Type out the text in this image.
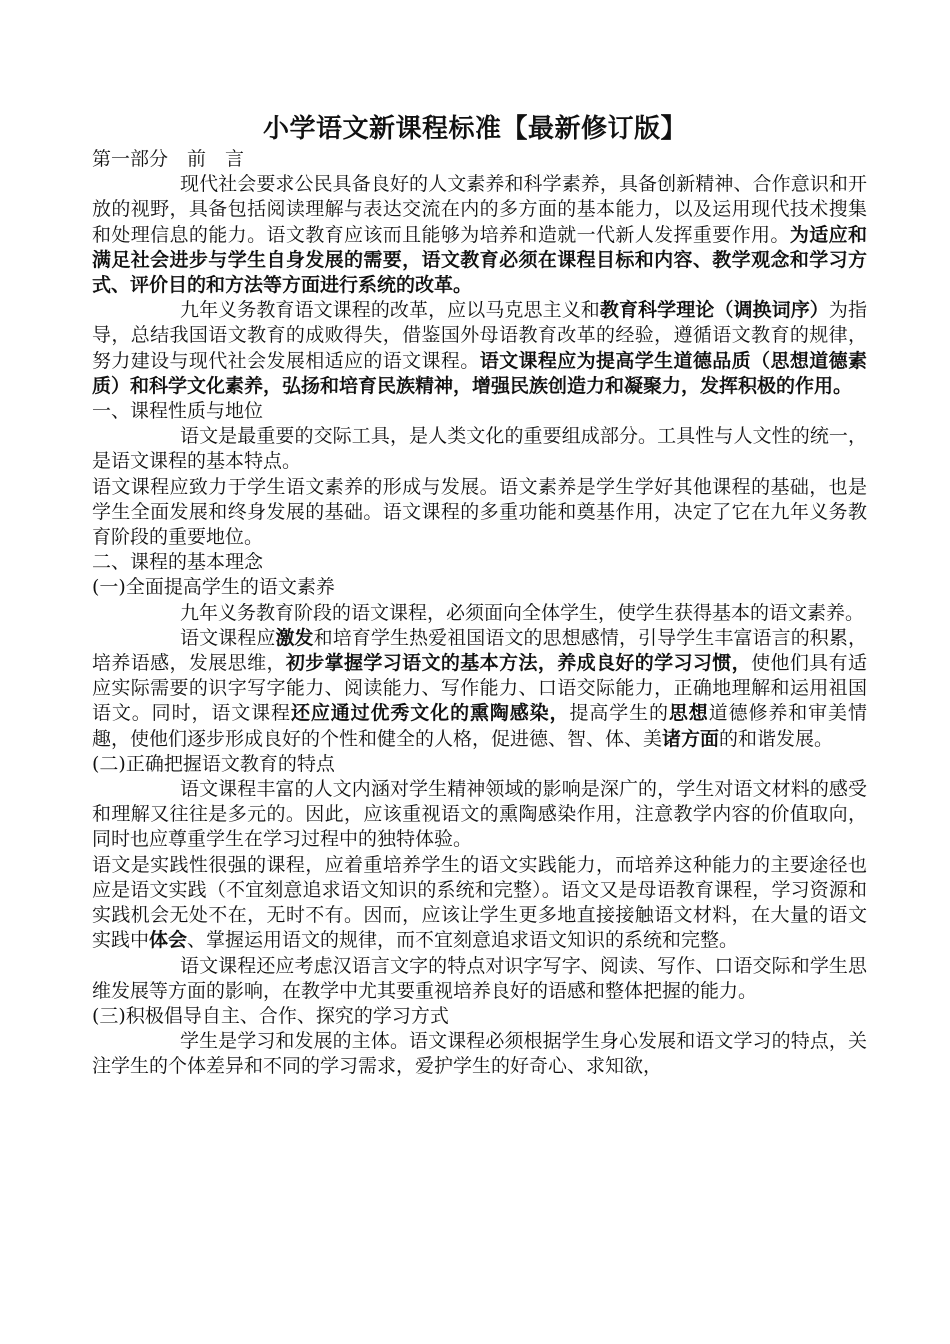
小学语文新课程标准【最新修订版】

第一部分　前　言

现代社会要求公民具备良好的人文素养和科学素养，具备创新精神、合作意识和开放的视野，具备包括阅读理解与表达交流在内的多方面的基本能力，以及运用现代技术搜集和处理信息的能力。语文教育应该而且能够为培养和造就一代新人发挥重要作用。为适应和满足社会进步与学生自身发展的需要，语文教育必须在课程目标和内容、教学观念和学习方式、评价目的和方法等方面进行系统的改革。

九年义务教育语文课程的改革，应以马克思主义和教育科学理论（调换词序）为指导，总结我国语文教育的成败得失，借鉴国外母语教育改革的经验，遵循语文教育的规律，努力建设与现代社会发展相适应的语文课程。语文课程应为提高学生道德品质（思想道德素质）和科学文化素养，弘扬和培育民族精神，增强民族创造力和凝聚力，发挥积极的作用。

一、课程性质与地位

语文是最重要的交际工具，是人类文化的重要组成部分。工具性与人文性的统一，是语文课程的基本特点。

语文课程应致力于学生语文素养的形成与发展。语文素养是学生学好其他课程的基础，也是学生全面发展和终身发展的基础。语文课程的多重功能和奠基作用，决定了它在九年义务教育阶段的重要地位。

二、课程的基本理念

(一)全面提高学生的语文素养

九年义务教育阶段的语文课程，必须面向全体学生，使学生获得基本的语文素养。

语文课程应激发和培育学生热爱祖国语文的思想感情，引导学生丰富语言的积累，培养语感，发展思维，初步掌握学习语文的基本方法，养成良好的学习习惯，使他们具有适应实际需要的识字写字能力、阅读能力、写作能力、口语交际能力，正确地理解和运用祖国语文。同时，语文课程还应通过优秀文化的熏陶感染，提高学生的思想道德修养和审美情趣，使他们逐步形成良好的个性和健全的人格，促进德、智、体、美诸方面的和谐发展。

(二)正确把握语文教育的特点

语文课程丰富的人文内涵对学生精神领域的影响是深广的，学生对语文材料的感受和理解又往往是多元的。因此，应该重视语文的熏陶感染作用，注意教学内容的价值取向，同时也应尊重学生在学习过程中的独特体验。

语文是实践性很强的课程，应着重培养学生的语文实践能力，而培养这种能力的主要途径也应是语文实践（不宜刻意追求语文知识的系统和完整）。语文又是母语教育课程，学习资源和实践机会无处不在，无时不有。因而，应该让学生更多地直接接触语文材料，在大量的语文实践中体会、掌握运用语文的规律，而不宜刻意追求语文知识的系统和完整。

语文课程还应考虑汉语言文字的特点对识字写字、阅读、写作、口语交际和学生思维发展等方面的影响，在教学中尤其要重视培养良好的语感和整体把握的能力。

(三)积极倡导自主、合作、探究的学习方式

学生是学习和发展的主体。语文课程必须根据学生身心发展和语文学习的特点，关注学生的个体差异和不同的学习需求，爱护学生的好奇心、求知欲，
